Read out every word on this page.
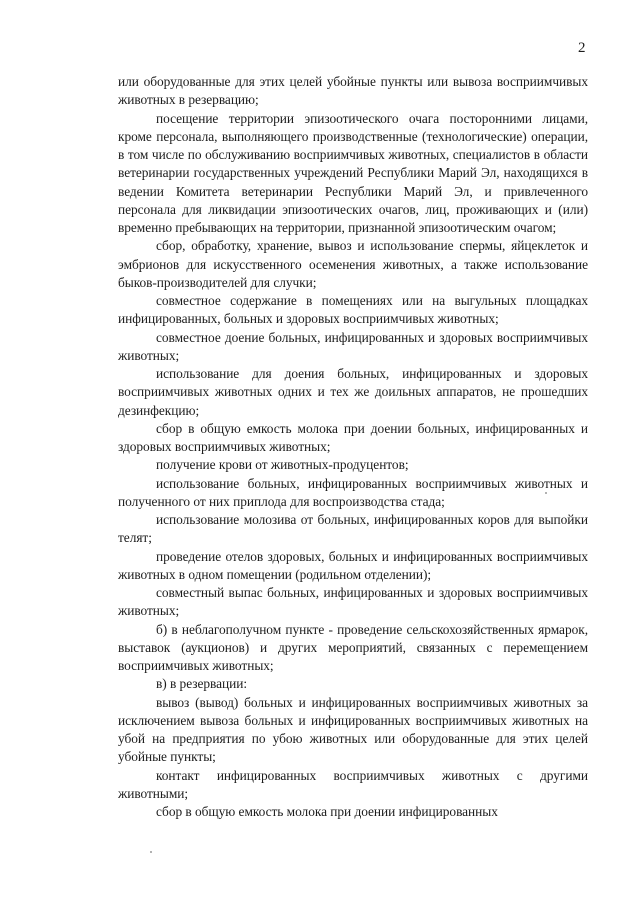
2

или оборудованные для этих целей убойные пункты или вывоза восприимчивых животных в резервацию;

посещение территории эпизоотического очага посторонними лицами, кроме персонала, выполняющего производственные (технологические) операции, в том числе по обслуживанию восприимчивых животных, специалистов в области ветеринарии государственных учреждений Республики Марий Эл, находящихся в ведении Комитета ветеринарии Республики Марий Эл, и привлеченного персонала для ликвидации эпизоотических очагов, лиц, проживающих и (или) временно пребывающих на территории, признанной эпизоотическим очагом;

сбор, обработку, хранение, вывоз и использование спермы, яйцеклеток и эмбрионов для искусственного осеменения животных, а также использование быков-производителей для случки;

совместное содержание в помещениях или на выгульных площадках инфицированных, больных и здоровых восприимчивых животных;

совместное доение больных, инфицированных и здоровых восприимчивых животных;

использование для доения больных, инфицированных и здоровых восприимчивых животных одних и тех же доильных аппаратов, не прошедших дезинфекцию;

сбор в общую емкость молока при доении больных, инфицированных и здоровых восприимчивых животных;

получение крови от животных-продуцентов;

использование больных, инфицированных восприимчивых животных и полученного от них приплода для воспроизводства стада;

использование молозива от больных, инфицированных коров для выпойки телят;

проведение отелов здоровых, больных и инфицированных восприимчивых животных в одном помещении (родильном отделении);

совместный выпас больных, инфицированных и здоровых восприимчивых животных;

б) в неблагополучном пункте - проведение сельскохозяйственных ярмарок, выставок (аукционов) и других мероприятий, связанных с перемещением восприимчивых животных;

в) в резервации:

вывоз (вывод) больных и инфицированных восприимчивых животных за исключением вывоза больных и инфицированных восприимчивых животных на убой на предприятия по убою животных или оборудованные для этих целей убойные пункты;

контакт инфицированных восприимчивых животных с другими животными;

сбор в общую емкость молока при доении инфицированных
